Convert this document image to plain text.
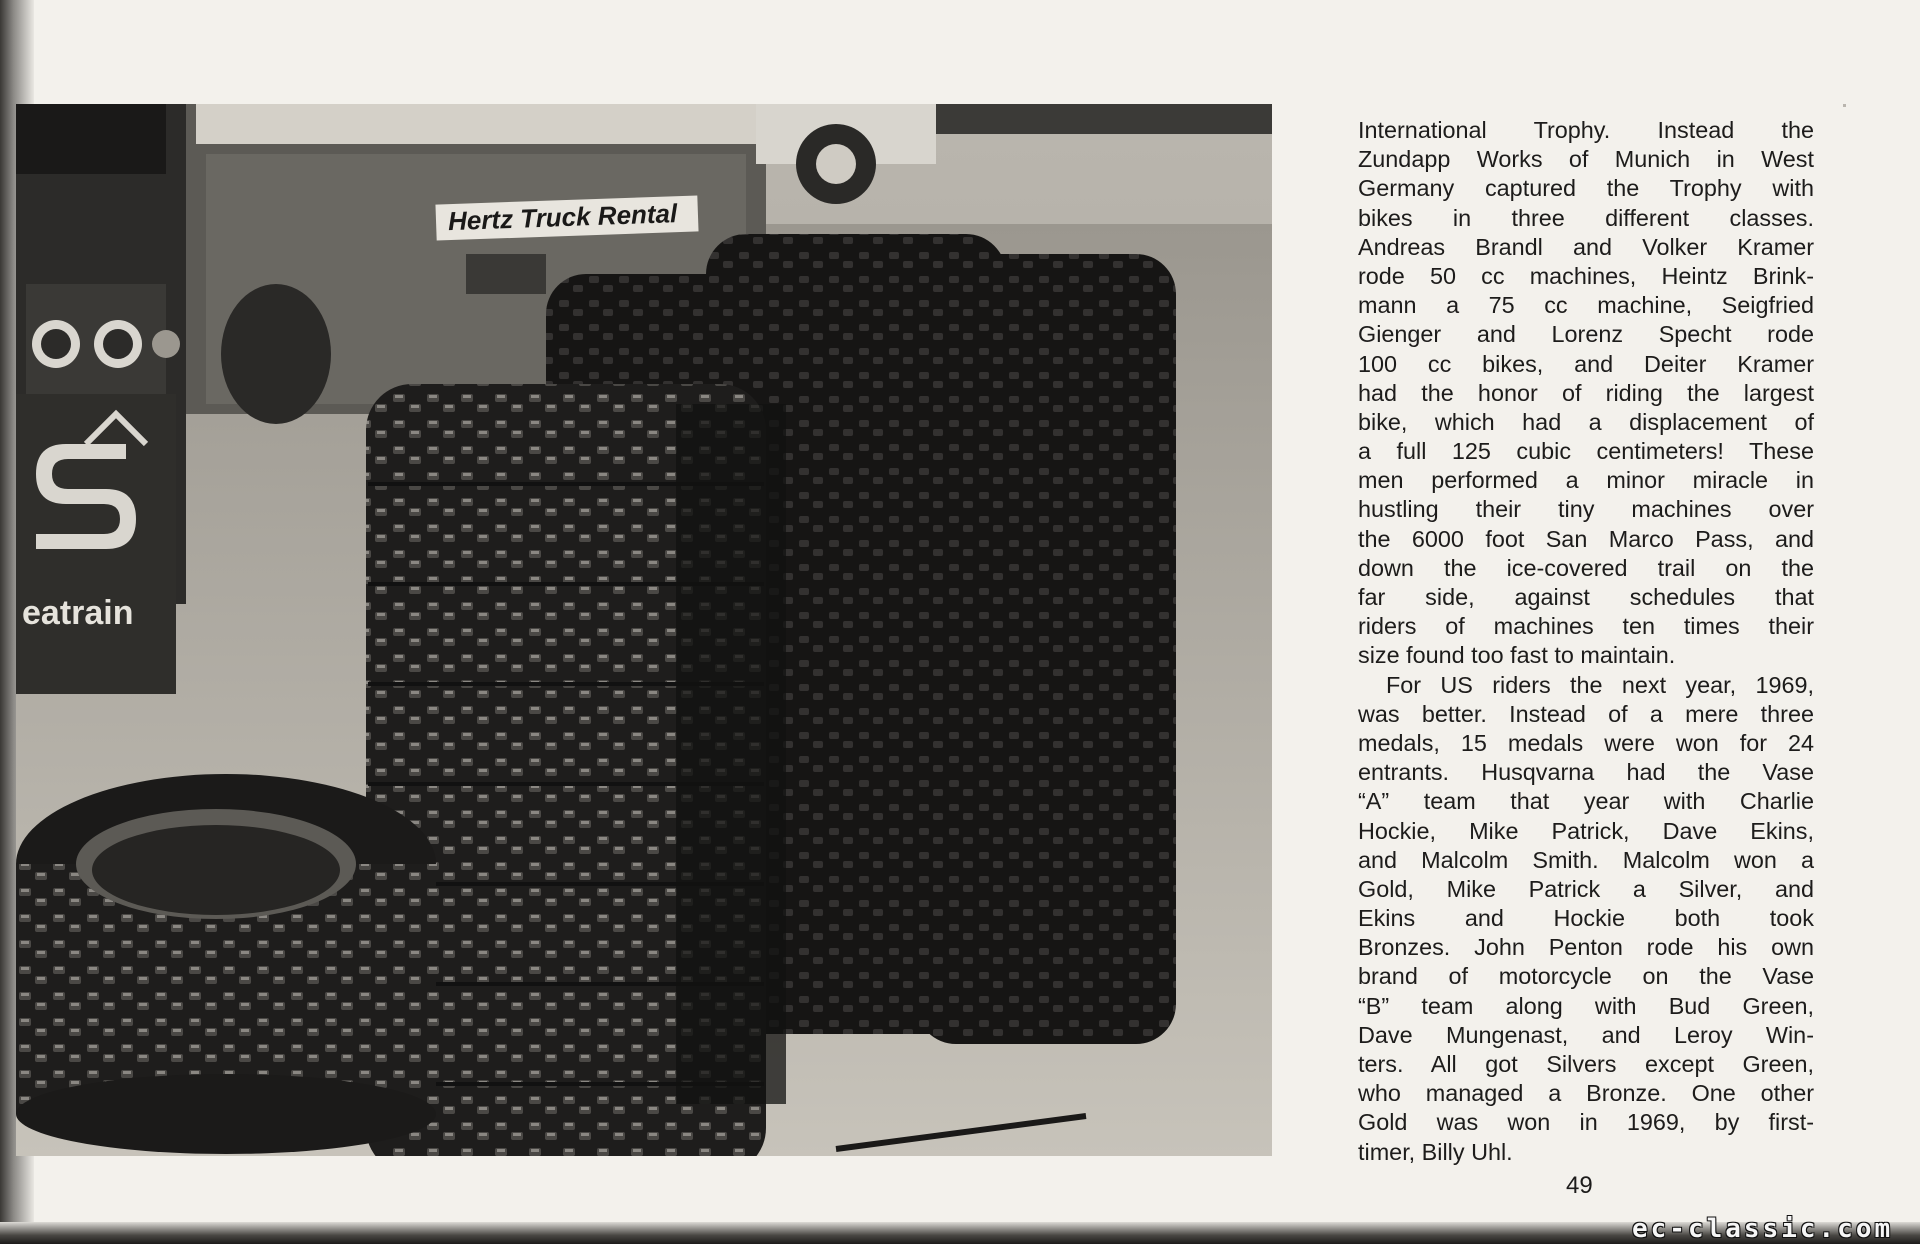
eatrain
Hertz Truck Rental
International Trophy. Instead the
Zundapp Works of Munich in West
Germany captured the Trophy with
bikes in three different classes.
Andreas Brandl and Volker Kramer
rode 50 cc machines, Heintz Brink-
mann a 75 cc machine, Seigfried
Gienger and Lorenz Specht rode
100 cc bikes, and Deiter Kramer
had the honor of riding the largest
bike, which had a displacement of
a full 125 cubic centimeters! These
men performed a minor miracle in
hustling their tiny machines over
the 6000 foot San Marco Pass, and
down the ice-covered trail on the
far side, against schedules that
riders of machines ten times their
size found too fast to maintain.
For US riders the next year, 1969,
was better. Instead of a mere three
medals, 15 medals were won for 24
entrants. Husqvarna had the Vase
“A” team that year with Charlie
Hockie, Mike Patrick, Dave Ekins,
and Malcolm Smith. Malcolm won a
Gold, Mike Patrick a Silver, and
Ekins and Hockie both took
Bronzes. John Penton rode his own
brand of motorcycle on the Vase
“B” team along with Bud Green,
Dave Mungenast, and Leroy Win-
ters. All got Silvers except Green,
who managed a Bronze. One other
Gold was won in 1969, by first-
timer, Billy Uhl.
49
ec-classic.com
